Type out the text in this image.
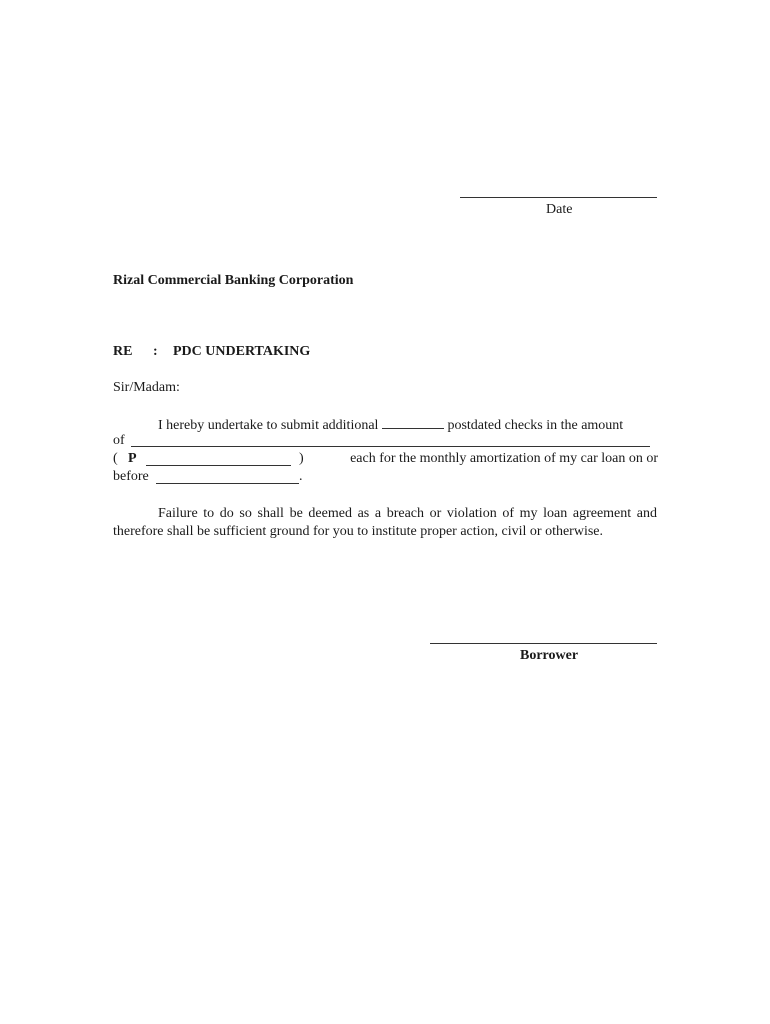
Date
Rizal Commercial Banking Corporation
RE : PDC UNDERTAKING
Sir/Madam:
I hereby undertake to submit additional	postdated checks in the amount
of
( P	)	each for the monthly amortization of my car loan on or
before	.
Failure to do so shall be deemed as a breach or violation of my loan agreement and therefore shall be sufficient ground for you to institute proper action, civil or otherwise.
Borrower
